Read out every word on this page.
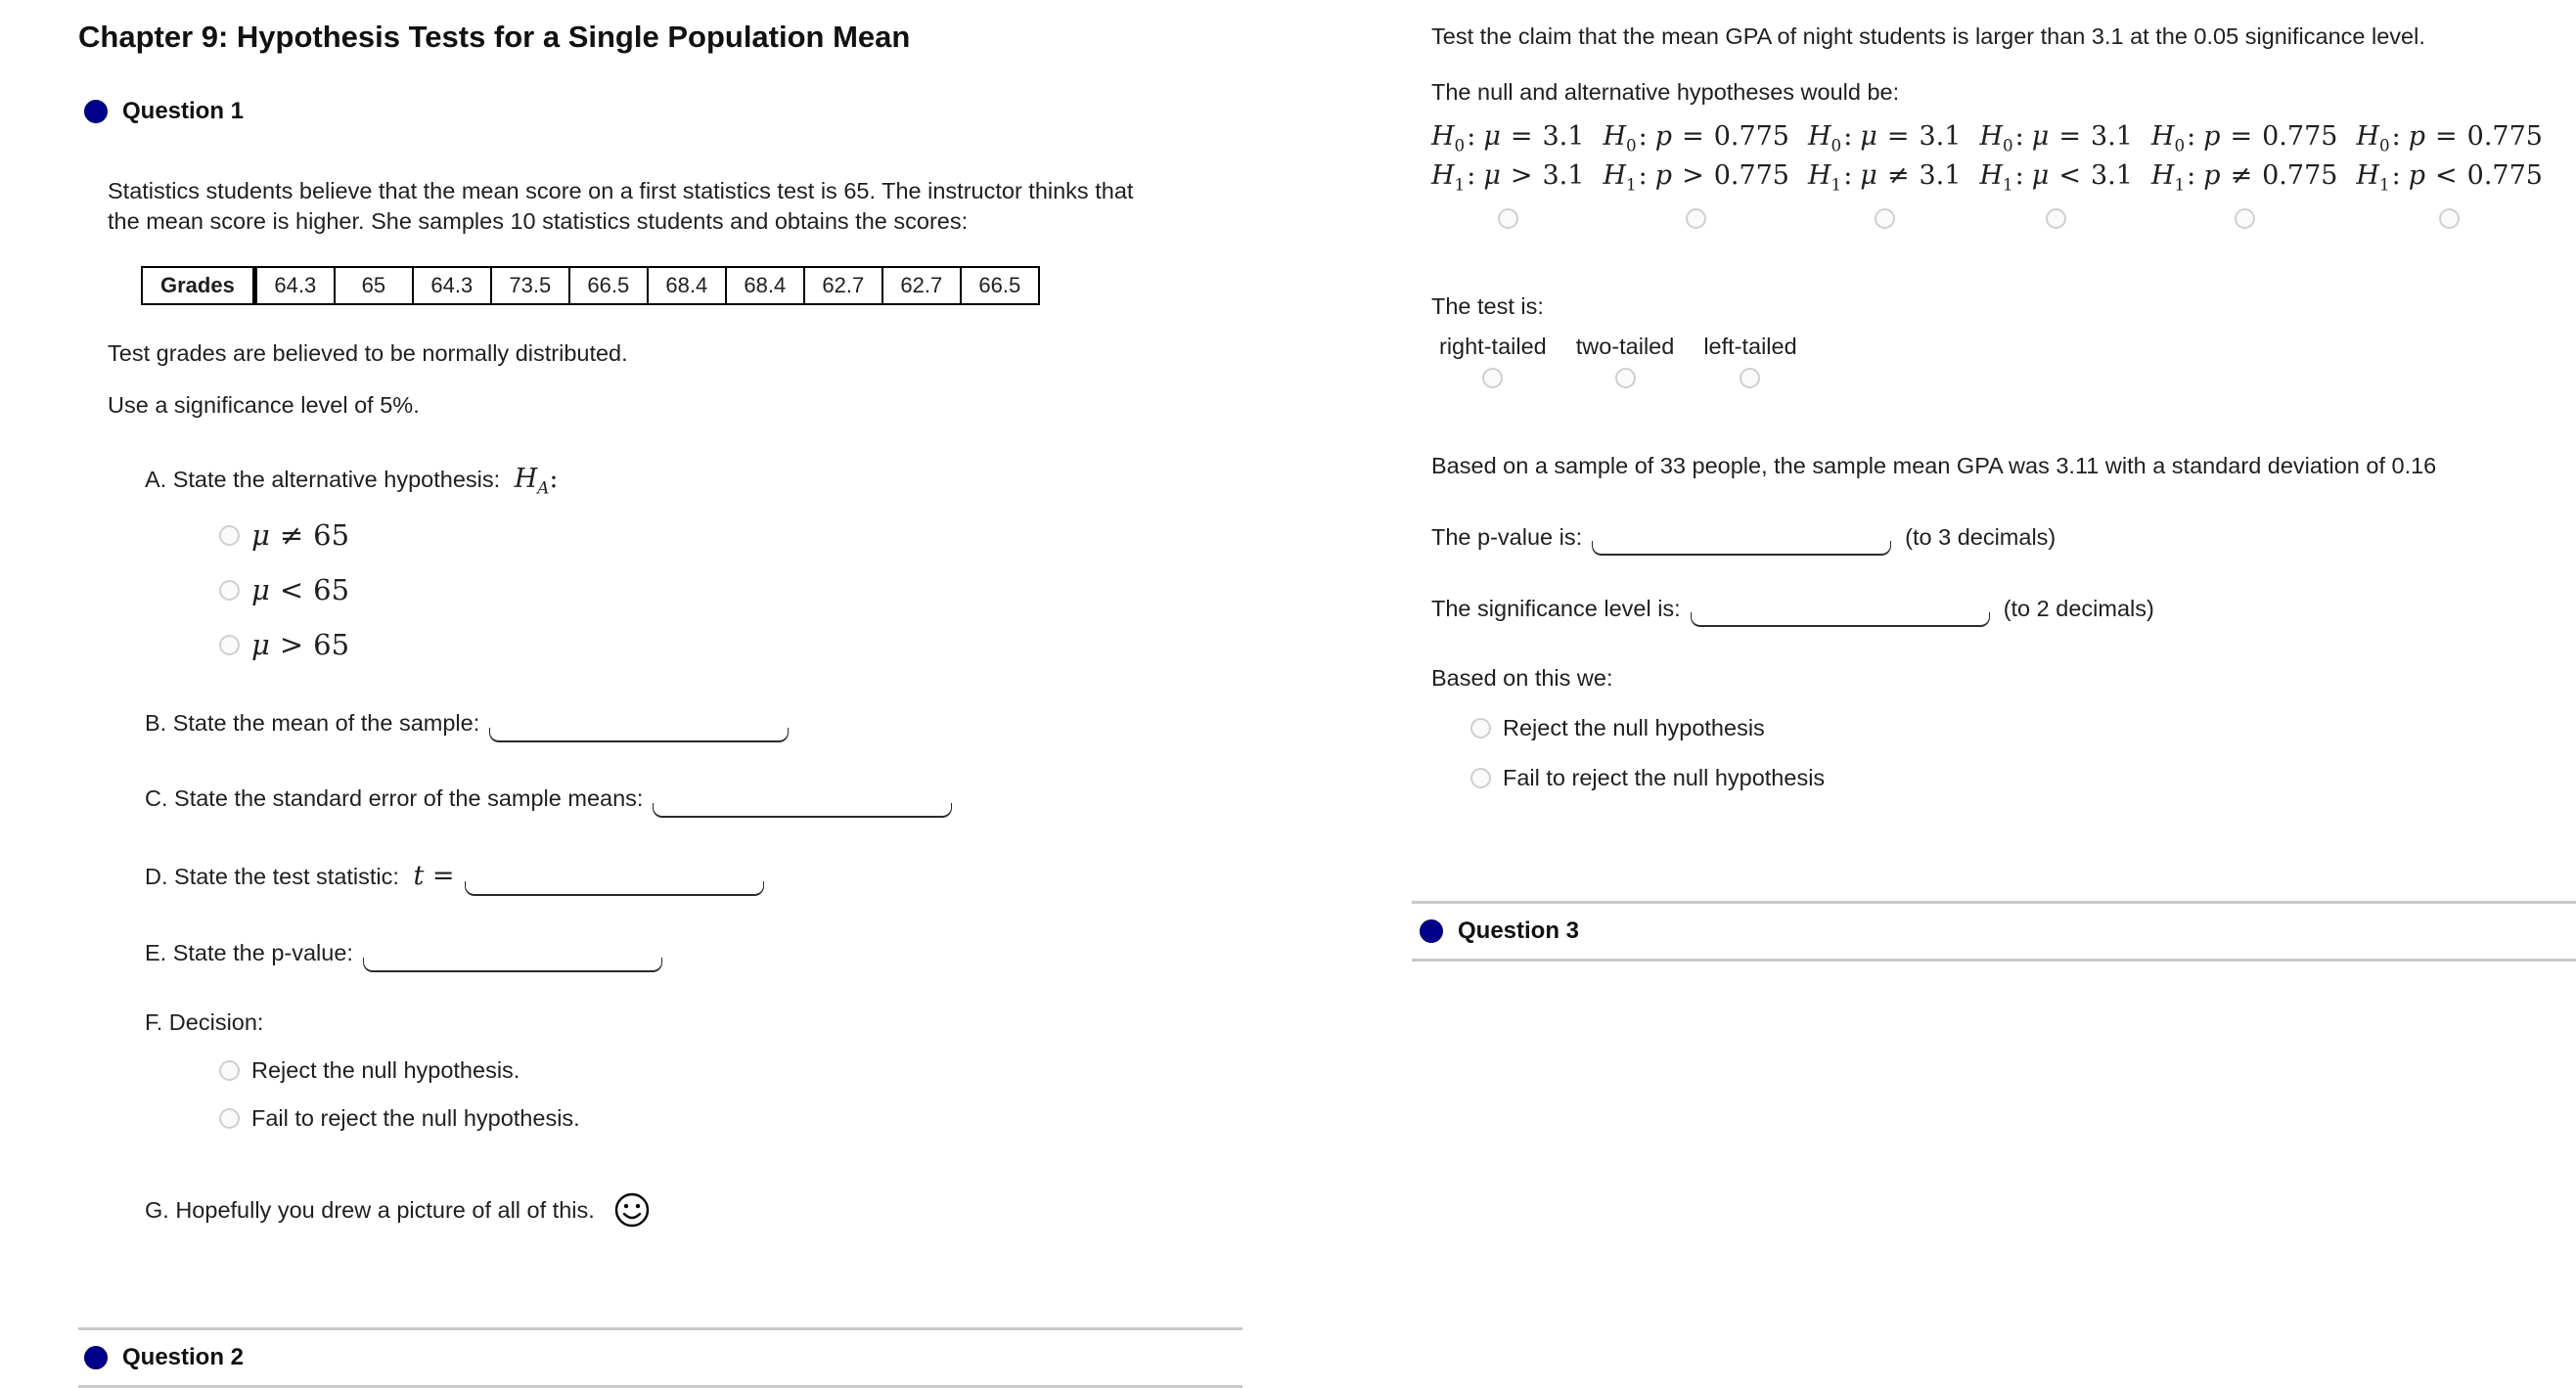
Chapter 9: Hypothesis Tests for a Single Population Mean
Question 1
Statistics students believe that the mean score on a first statistics test is 65. The instructor thinks that
the mean score is higher. She samples 10 statistics students and obtains the scores:
Grades	64.3	65	64.3	73.5	66.5	68.4	68.4	62.7	62.7	66.5
Test grades are believed to be normally distributed.
Use a significance level of 5%.
A. State the alternative hypothesis: $H_A$:
μ ≠ 65
μ < 65
μ > 65
B. State the mean of the sample:
C. State the standard error of the sample means:
D. State the test statistic: t =
E. State the p-value:
F. Decision:
Reject the null hypothesis.
Fail to reject the null hypothesis.
G. Hopefully you drew a picture of all of this.
Question 2
Test the claim that the mean GPA of night students is larger than 3.1 at the 0.05 significance level.
The null and alternative hypotheses would be:
$H_0$: μ = 3.1
$H_1$: μ > 3.1
$H_0$: p = 0.775
$H_1$: p > 0.775
$H_0$: μ = 3.1
$H_1$: μ ≠ 3.1
$H_0$: μ = 3.1
$H_1$: μ < 3.1
$H_0$: p = 0.775
$H_1$: p ≠ 0.775
$H_0$: p = 0.775
$H_1$: p < 0.775
The test is:
right-tailed two-tailed left-tailed
Based on a sample of 33 people, the sample mean GPA was 3.11 with a standard deviation of 0.16
The p-value is:	(to 3 decimals)
The significance level is:	(to 2 decimals)
Based on this we:
Reject the null hypothesis
Fail to reject the null hypothesis
Question 3
